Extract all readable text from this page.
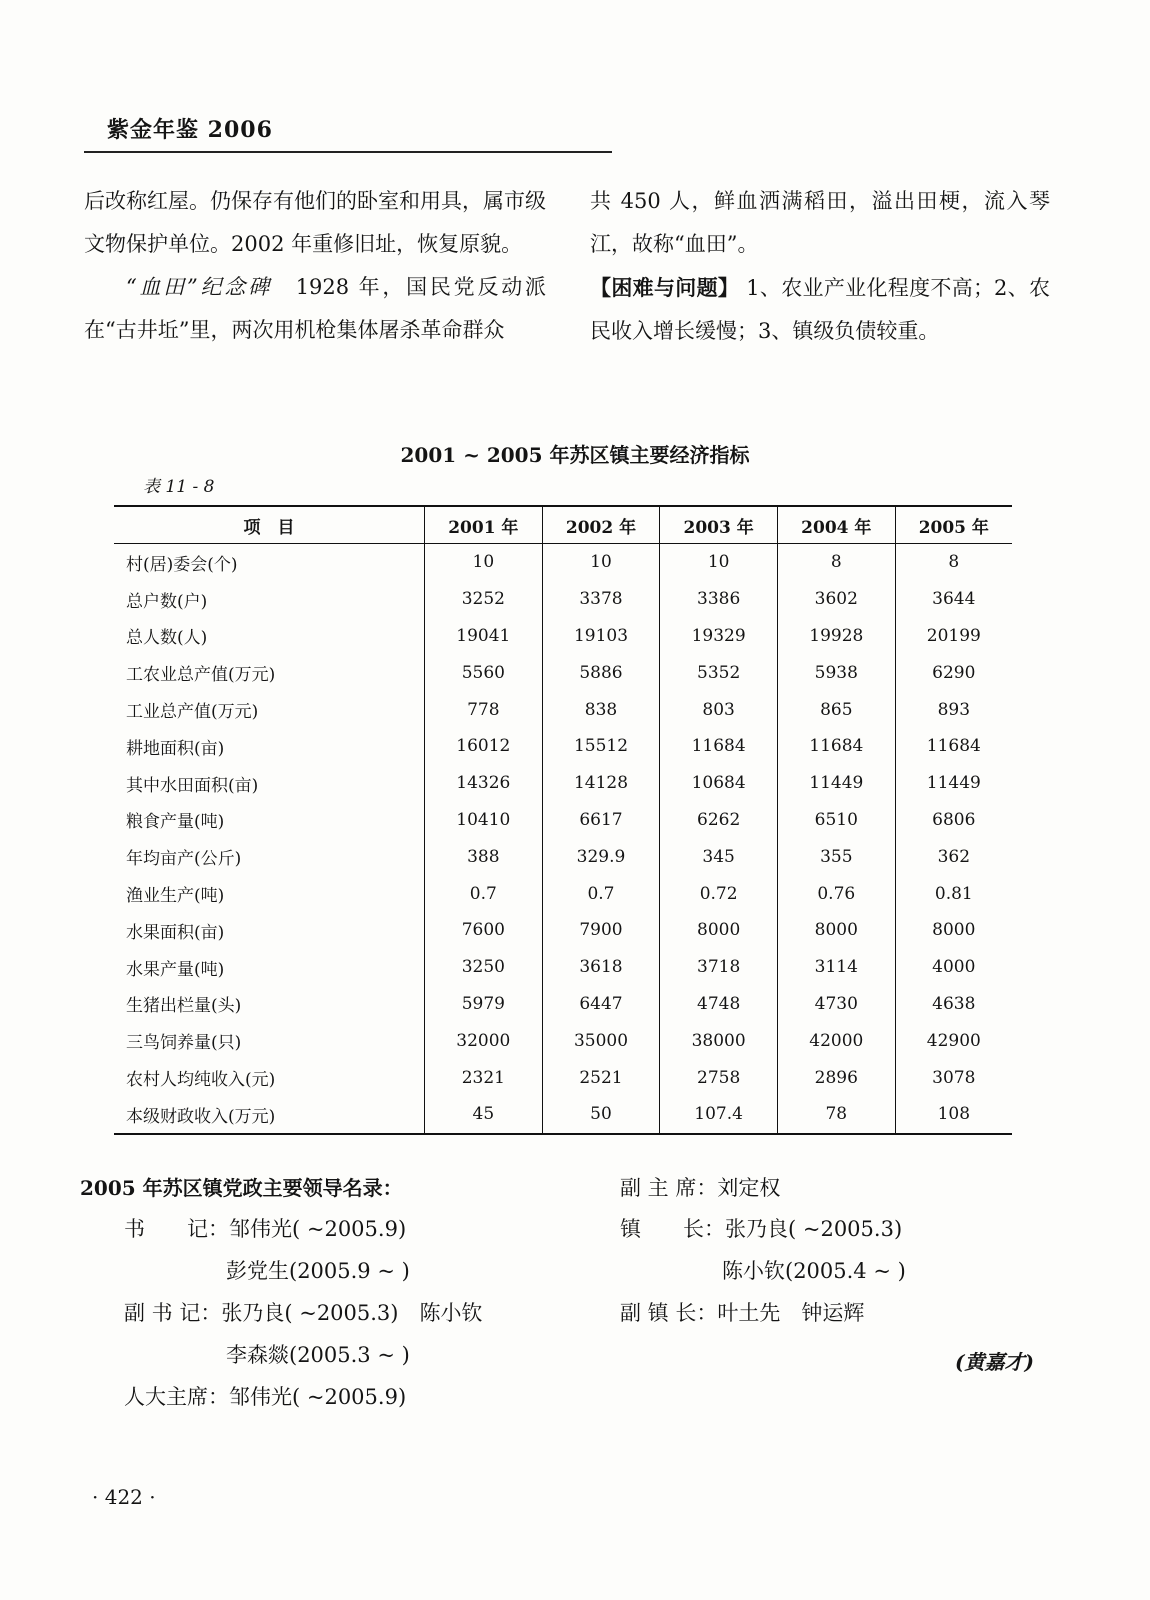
紫金年鉴 2006

后改称红屋。仍保存有他们的卧室和用具，属市级文物保护单位。2002 年重修旧址，恢复原貌。

“血田”纪念碑　 1928 年，国民党反动派在“古井坵”里，两次用机枪集体屠杀革命群众

共 450 人，鲜血洒满稻田，溢出田梗，流入琴江，故称“血田”。

【困难与问题】 1、农业产业化程度不高；2、农民收入增长缓慢；3、镇级负债较重。

2001 ~ 2005 年苏区镇主要经济指标
表 11 - 8
项　目	2001 年	2002 年	2003 年	2004 年	2005 年
村(居)委会(个)	10	10	10	8	8
总户数(户)	3252	3378	3386	3602	3644
总人数(人)	19041	19103	19329	19928	20199
工农业总产值(万元)	5560	5886	5352	5938	6290
工业总产值(万元)	778	838	803	865	893
耕地面积(亩)	16012	15512	11684	11684	11684
其中水田面积(亩)	14326	14128	10684	11449	11449
粮食产量(吨)	10410	6617	6262	6510	6806
年均亩产(公斤)	388	329.9	345	355	362
渔业生产(吨)	0.7	0.7	0.72	0.76	0.81
水果面积(亩)	7600	7900	8000	8000	8000
水果产量(吨)	3250	3618	3718	3114	4000
生猪出栏量(头)	5979	6447	4748	4730	4638
三鸟饲养量(只)	32000	35000	38000	42000	42900
农村人均纯收入(元)	2321	2521	2758	2896	3078
本级财政收入(万元)	45	50	107.4	78	108
2005 年苏区镇党政主要领导名录：
书　　记：邹伟光( ~2005.9)
彭党生(2005.9 ~ )
副 书 记：张乃良( ~2005.3)　陈小钦
李森燚(2005.3 ~ )
人大主席：邹伟光( ~2005.9)
副 主 席：刘定权
镇　　长：张乃良( ~2005.3)
陈小钦(2005.4 ~ )
副 镇 长：叶土先　钟运辉
(黄嘉才)
· 422 ·
